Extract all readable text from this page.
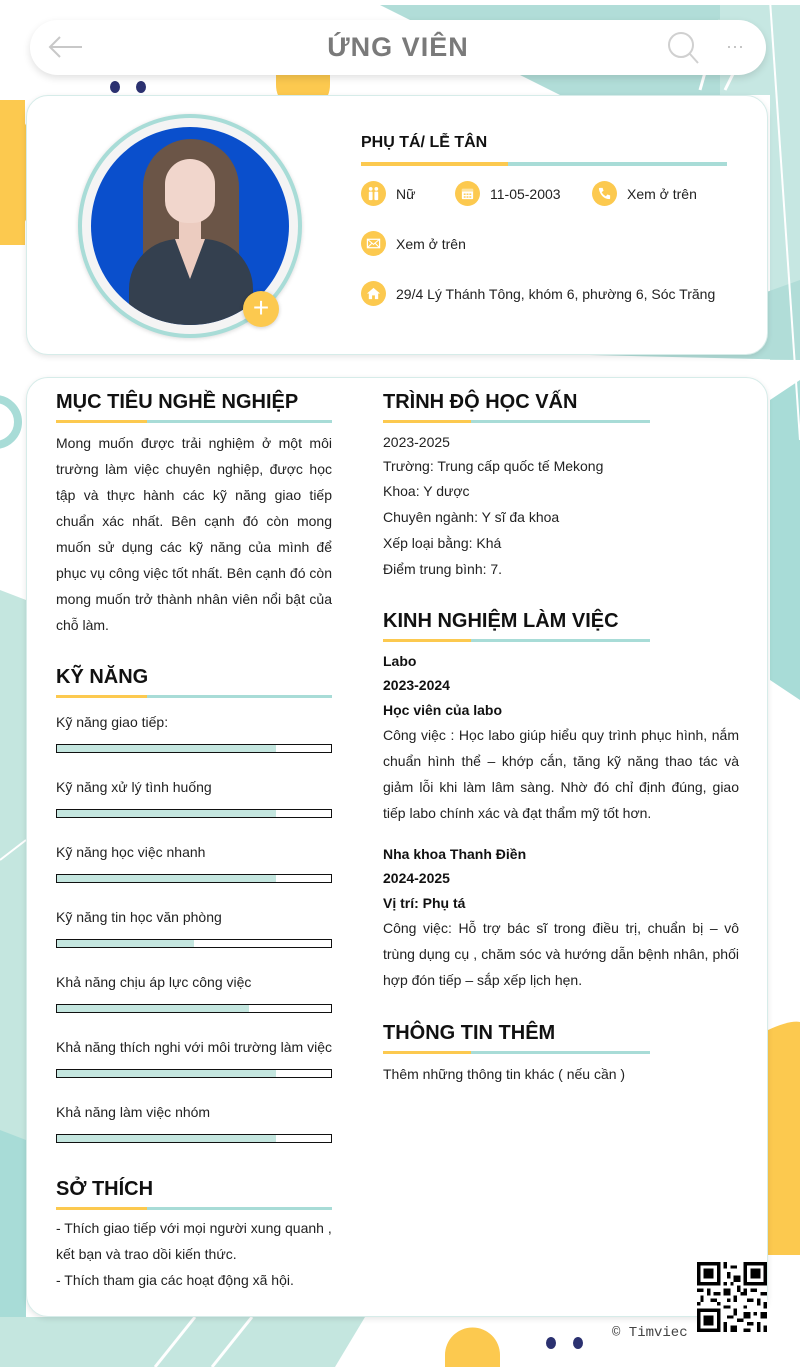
ỨNG VIÊN	···
+
PHỤ TÁ/ LỄ TÂN
Nữ	11-05-2003	Xem ở trên
Xem ở trên
29/4 Lý Thánh Tông, khóm 6, phường 6, Sóc Trăng
MỤC TIÊU NGHỀ NGHIỆP
Mong muốn được trải nghiệm ở một môi trường làm việc chuyên nghiệp, được học tập và thực hành các kỹ năng giao tiếp chuẩn xác nhất. Bên cạnh đó còn mong muốn sử dụng các kỹ năng của mình để phục vụ công việc tốt nhất. Bên cạnh đó còn mong muốn trở thành nhân viên nổi bật của chỗ làm.
KỸ NĂNG
Kỹ năng giao tiếp:
Kỹ năng xử lý tình huống
Kỹ năng học việc nhanh
Kỹ năng tin học văn phòng
Khả năng chịu áp lực công việc
Khả năng thích nghi với môi trường làm việc
Khả năng làm việc nhóm
SỞ THÍCH
- Thích giao tiếp với mọi người xung quanh ,
kết bạn và trao dồi kiến thức.
- Thích tham gia các hoạt động xã hội.
TRÌNH ĐỘ HỌC VẤN
2023-2025
Trường: Trung cấp quốc tế Mekong
Khoa: Y dược
Chuyên ngành: Y sĩ đa khoa
Xếp loại bằng: Khá
Điểm trung bình: 7.
KINH NGHIỆM LÀM VIỆC
Labo
2023-2024
Học viên của labo
Công việc : Học labo giúp hiểu quy trình phục hình, nắm chuẩn hình thể – khớp cắn, tăng kỹ năng thao tác và giảm lỗi khi làm lâm sàng. Nhờ đó chỉ định đúng, giao tiếp labo chính xác và đạt thẩm mỹ tốt hơn.
Nha khoa Thanh Điền
2024-2025
Vị trí: Phụ tá
Công việc: Hỗ trợ bác sĩ trong điều trị, chuẩn bị – vô trùng dụng cụ , chăm sóc và hướng dẫn bệnh nhân, phối hợp đón tiếp – sắp xếp lịch hẹn.
THÔNG TIN THÊM
Thêm những thông tin khác ( nếu cần )
© Timviec
